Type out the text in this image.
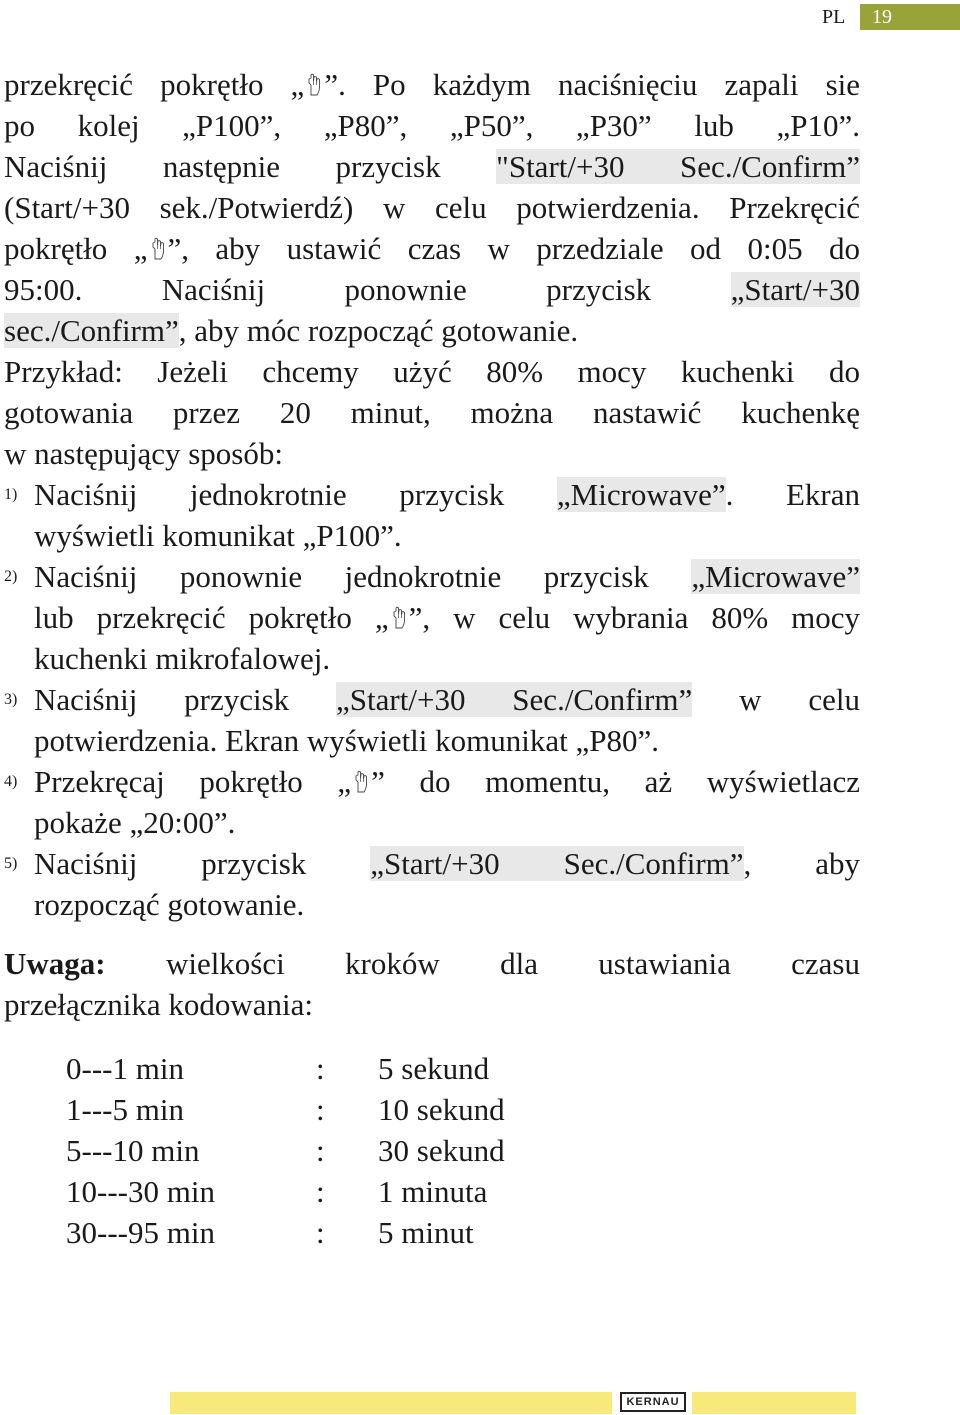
PL	19
przekręcić pokrętło „ ”. Po każdym naciśnięciu zapali sie
po kolej „P100”, „P80”, „P50”, „P30” lub „P10”.
Naciśnij następnie przycisk "Start/+30 Sec./Confirm”
(Start/+30 sek./Potwierdź) w celu potwierdzenia. Przekręcić
pokrętło „ ”, aby ustawić czas w przedziale od 0:05 do
95:00. Naciśnij ponownie przycisk	„Start/+30
sec./Confirm”, aby móc rozpocząć gotowanie.
Przykład: Jeżeli chcemy użyć 80% mocy kuchenki do
gotowania przez 20 minut, można nastawić kuchenkę
w następujący sposób:
1) Naciśnij jednokrotnie przycisk „Microwave”. Ekran
wyświetli komunikat „P100”.
2) Naciśnij ponownie jednokrotnie przycisk „Microwave”
lub przekręcić pokrętło „ ”, w celu wybrania 80% mocy
kuchenki mikrofalowej.
3) Naciśnij przycisk „Start/+30 Sec./Confirm” w celu
potwierdzenia. Ekran wyświetli komunikat „P80”.
4) Przekręcaj pokrętło „ ” do momentu, aż wyświetlacz
pokaże „20:00”.
5) Naciśnij przycisk „Start/+30 Sec./Confirm”, aby
rozpocząć gotowanie.
Uwaga: wielkości kroków dla ustawiania czasu
przełącznika kodowania:
0---1 min	:	5 sekund
1---5 min	:	10 sekund
5---10 min	:	30 sekund
10---30 min	:	1 minuta
30---95 min	:	5 minut
KERNAU
